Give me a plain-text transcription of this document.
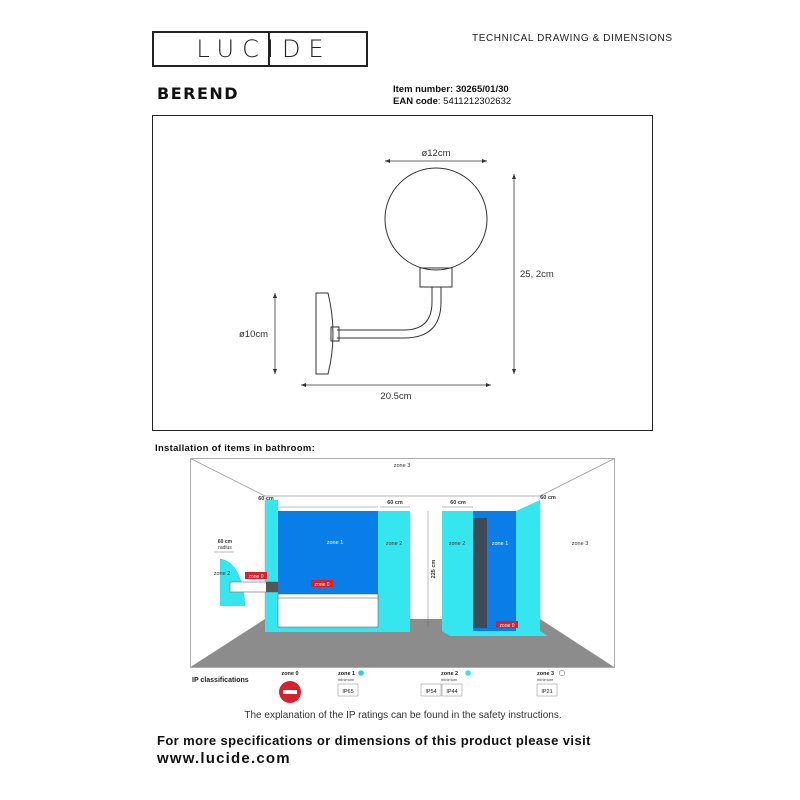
LUCIDE	TECHNICAL DRAWING & DIMENSIONS
BEREND	Item number: 30265/01/30
EAN code: 5411212302632
ø12cm
25, 2cm
ø10cm
20.5cm
Installation of items in bathroom:
zone 0
zone 0
zone 0
zone 3
zone 3
zone 1	zone 1
zone 2	zone 2
zone 2
60 cm
60 cm	60 cm
60 cm
225 cm
60 cm
radius
IP classifications
zone 0	zone 1
minimum
IP65
zone 2
minimum
IP54 IP44
zone 3
minimum
IP21
The explanation of the IP ratings can be found in the safety instructions.
For more specifications or dimensions of this product please visit
www.lucide.com
